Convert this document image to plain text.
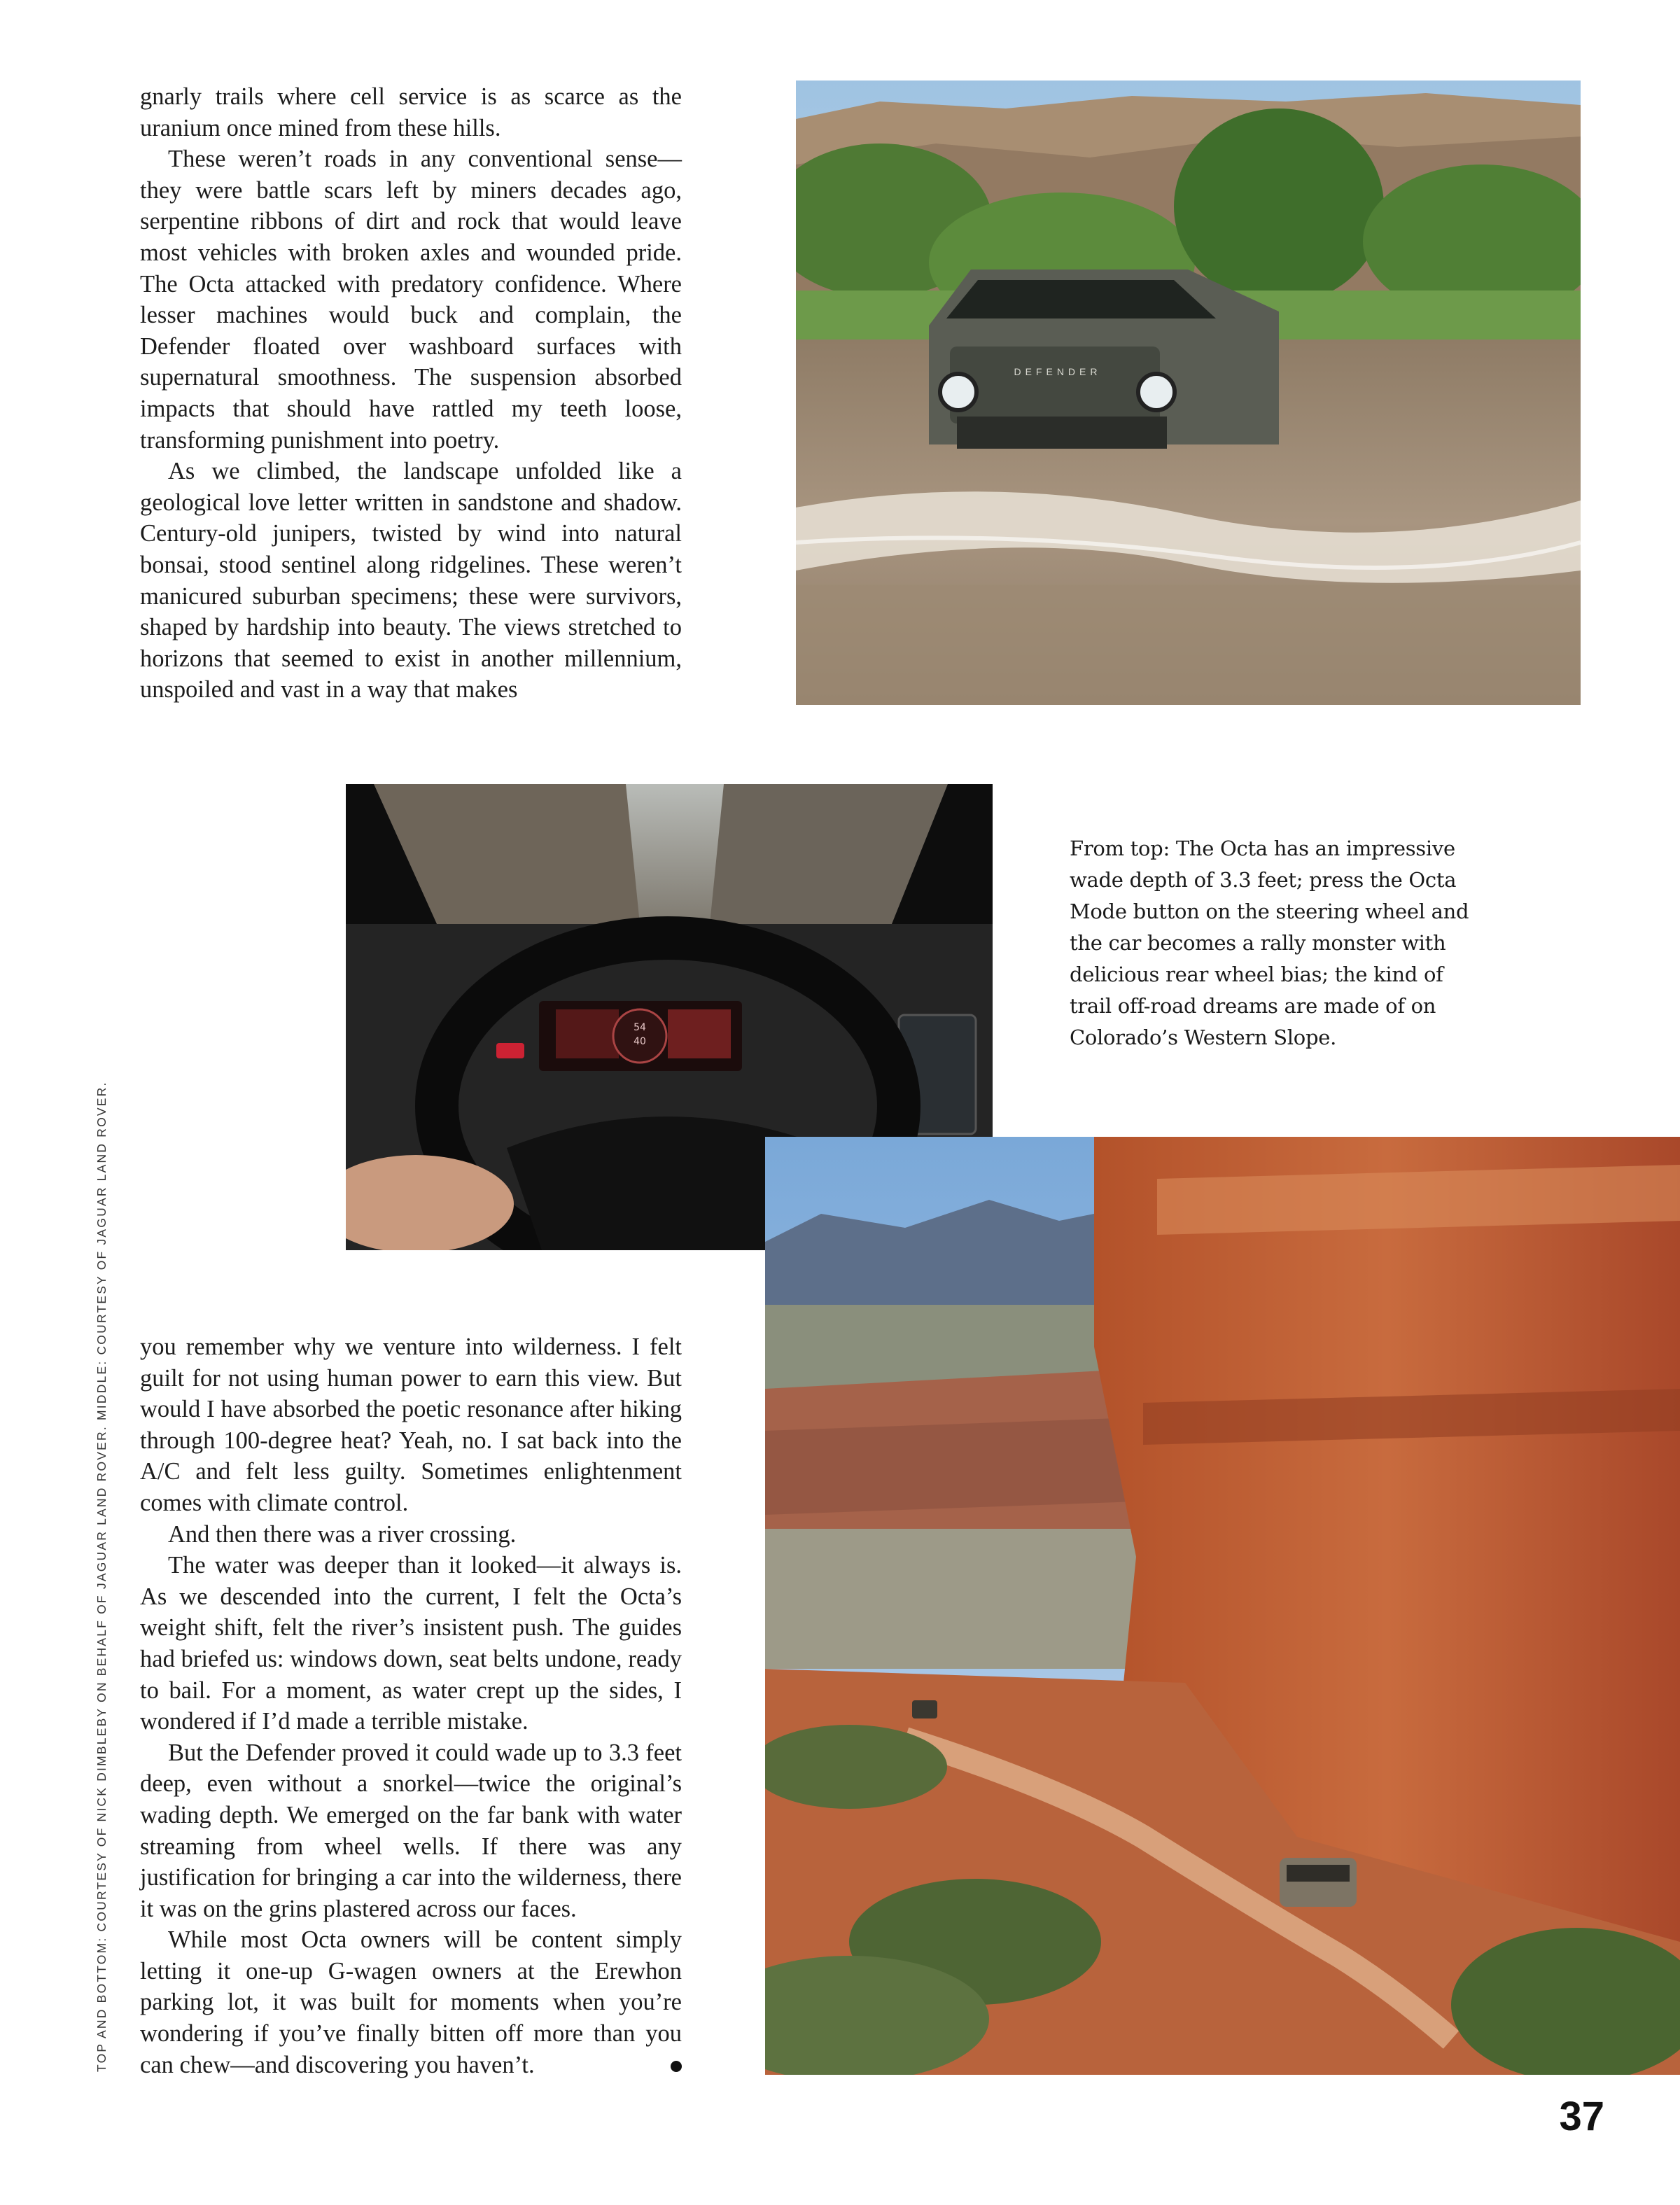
gnarly trails where cell service is as scarce as the uranium once mined from these hills.

These weren’t roads in any conventional sense—they were battle scars left by miners decades ago, serpentine ribbons of dirt and rock that would leave most vehicles with broken axles and wounded pride. The Octa attacked with predatory confidence. Where lesser machines would buck and complain, the Defender floated over washboard surfaces with supernatural smoothness. The suspension absorbed impacts that should have rattled my teeth loose, transforming punishment into poetry.

As we climbed, the landscape unfolded like a geological love letter written in sandstone and shadow. Century-old junipers, twisted by wind into natural bonsai, stood sentinel along ridgelines. These weren’t manicured suburban specimens; these were survivors, shaped by hardship into beauty. The views stretched to horizons that seemed to exist in another millennium, unspoiled and vast in a way that makes

DEFENDER
54
40
From top: The Octa has an impressive wade depth of 3.3 feet; press the Octa Mode button on the steering wheel and the car becomes a rally monster with delicious rear wheel bias; the kind of trail off-road dreams are made of on Colorado’s Western Slope.

you remember why we venture into wilderness. I felt guilt for not using human power to earn this view. But would I have absorbed the poetic resonance after hiking through 100-degree heat? Yeah, no. I sat back into the A/C and felt less guilty. Sometimes enlightenment comes with climate control.

And then there was a river crossing.

The water was deeper than it looked—it always is. As we descended into the current, I felt the Octa’s weight shift, felt the river’s insistent push. The guides had briefed us: windows down, seat belts undone, ready to bail. For a moment, as water crept up the sides, I wondered if I’d made a terrible mistake.

But the Defender proved it could wade up to 3.3 feet deep, even without a snorkel—twice the original’s wading depth. We emerged on the far bank with water streaming from wheel wells. If there was any justification for bringing a car into the wilderness, there it was on the grins plastered across our faces.

While most Octa owners will be content simply letting it one-up G-wagen owners at the Erewhon parking lot, it was built for moments when you’re wondering if you’ve finally bitten off more than you can chew—and discovering you haven’t.

TOP AND BOTTOM: COURTESY OF NICK DIMBLEBY ON BEHALF OF JAGUAR LAND ROVER. MIDDLE: COURTESY OF JAGUAR LAND ROVER.
37
